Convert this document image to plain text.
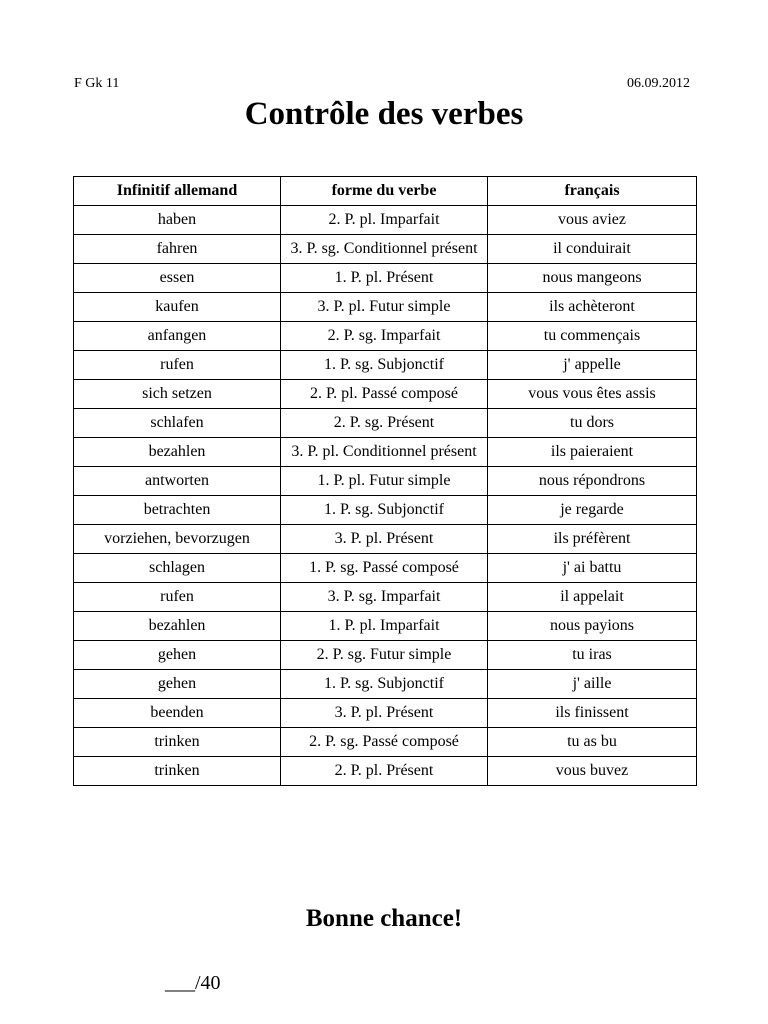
F Gk 11	06.09.2012
Contrôle des verbes
Infinitif allemand	forme du verbe	français
haben	2. P. pl. Imparfait	vous aviez
fahren	3. P. sg. Conditionnel présent	il conduirait
essen	1. P. pl. Présent	nous mangeons
kaufen	3. P. pl. Futur simple	ils achèteront
anfangen	2. P. sg. Imparfait	tu commençais
rufen	1. P. sg. Subjonctif	j' appelle
sich setzen	2. P. pl. Passé composé	vous vous êtes assis
schlafen	2. P. sg. Présent	tu dors
bezahlen	3. P. pl. Conditionnel présent	ils paieraient
antworten	1. P. pl. Futur simple	nous répondrons
betrachten	1. P. sg. Subjonctif	je regarde
vorziehen, bevorzugen	3. P. pl. Présent	ils préfèrent
schlagen	1. P. sg. Passé composé	j' ai battu
rufen	3. P. sg. Imparfait	il appelait
bezahlen	1. P. pl. Imparfait	nous payions
gehen	2. P. sg. Futur simple	tu iras
gehen	1. P. sg. Subjonctif	j' aille
beenden	3. P. pl. Présent	ils finissent
trinken	2. P. sg. Passé composé	tu as bu
trinken	2. P. pl. Présent	vous buvez
Bonne chance!
___/40
